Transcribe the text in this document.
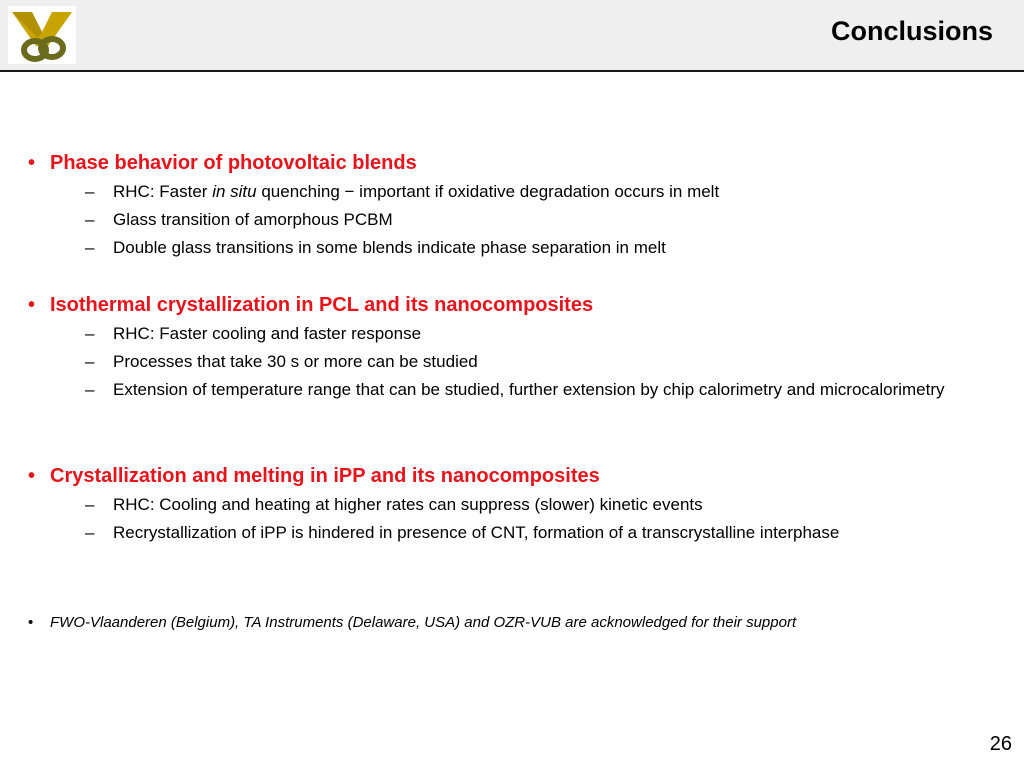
Conclusions
• Phase behavior of photovoltaic blends
– RHC: Faster in situ quenching − important if oxidative degradation occurs in melt
– Glass transition of amorphous PCBM
– Double glass transitions in some blends indicate phase separation in melt
• Isothermal crystallization in PCL and its nanocomposites
– RHC: Faster cooling and faster response
– Processes that take 30 s or more can be studied
– Extension of temperature range that can be studied, further extension by chip calorimetry and microcalorimetry
• Crystallization and melting in iPP and its nanocomposites
– RHC: Cooling and heating at higher rates can suppress (slower) kinetic events
– Recrystallization of iPP is hindered in presence of CNT, formation of a transcrystalline interphase
• FWO-Vlaanderen (Belgium), TA Instruments (Delaware, USA) and OZR-VUB are acknowledged for their support
26
